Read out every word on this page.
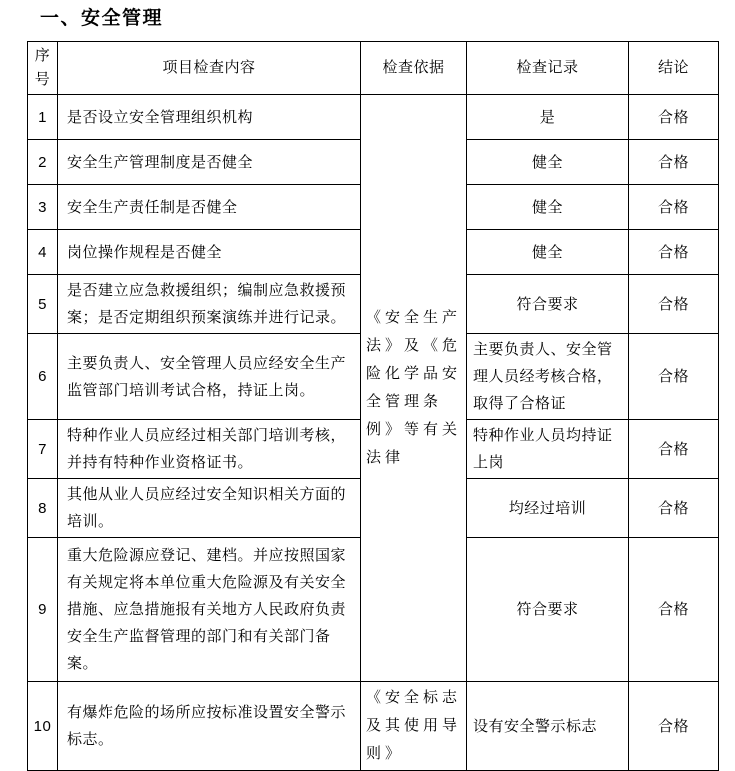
一、安全管理
序号	项目检查内容	检查依据	检查记录	结论
1	是否设立安全管理组织机构	《安全生产法》及《危险化学品安全管理条例》等有关法律	是	合格
2	安全生产管理制度是否健全		健全	合格
3	安全生产责任制是否健全		健全	合格
4	岗位操作规程是否健全		健全	合格
5	是否建立应急救援组织；编制应急救援预案；是否定期组织预案演练并进行记录。		符合要求	合格
6	主要负责人、安全管理人员应经安全生产监管部门培训考试合格，持证上岗。		主要负责人、安全管理人员经考核合格，取得了合格证	合格
7	特种作业人员应经过相关部门培训考核，并持有特种作业资格证书。		特种作业人员均持证上岗	合格
8	其他从业人员应经过安全知识相关方面的培训。		均经过培训	合格
9	重大危险源应登记、建档。并应按照国家有关规定将本单位重大危险源及有关安全措施、应急措施报有关地方人民政府负责安全生产监督管理的部门和有关部门备案。		符合要求	合格
10	有爆炸危险的场所应按标准设置安全警示标志。	《安全标志及其使用导则》	设有安全警示标志	合格
